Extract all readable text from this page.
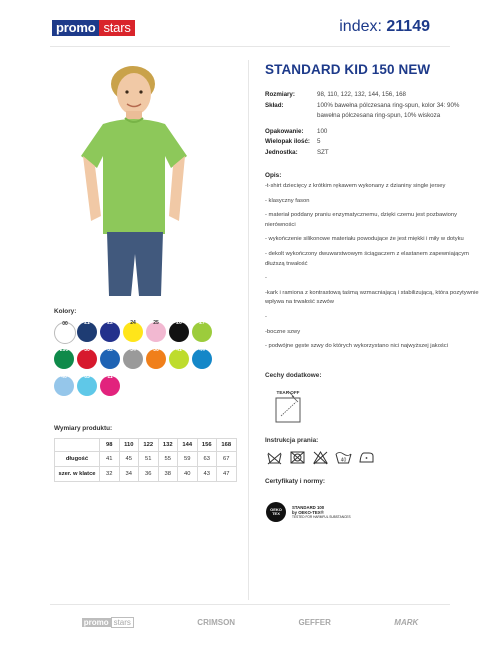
promo stars	index: 21149
STANDARD KID 150 NEW
Rozmiary:	98, 110, 122, 132, 144, 156, 168
Skład:	100% bawełna pólczesana ring-spun, kolor 34: 90% bawełna pólczesana ring-spun, 10% wiskoza
Opakowanie:	100
Wielopak ilość:	5
Jednostka:	SZT
Opis:

-t-shirt dziecięcy z krótkim rękawem wykonany z dzianiny single jersey

- klasyczny fason

- materiał poddany praniu enzymatycznemu, dzięki czemu jest pozbawiony nierówności

- wykończenie silikonowe materiału powodujące że jest miękki i miły w dotyku

- dekolt wykończony dwuwarstwowym ściągaczem z elastanem zapewniającym dłuższą trwałość

-

-kark i ramiona z kontrastową taśmą wzmacniającą i stabilizującą, która pozytywnie wpływa na trwałość szwów

-

-boczne szwy

- podwójne gęste szwy do których wykorzystano nici najwyższej jakości

Cechy dodatkowe:
TEAR OFF
Instrukcja prania:
40
Certyfikaty i normy:
OEKO TEX
STANDARD 100
by OEKO-TEX®
TESTED FOR HARMFUL SUBSTANCES
Kolory:
00	21	22	24	25	26	27
290	30	32	34	36	41	44
46	65	11
Wymiary produktu:
	98	110	122	132	144	156	168
długość	41	45	51	55	59	63	67
szer. w klatce	32	34	36	38	40	43	47
promo stars	CRIMSON	GEFFER	MARK
